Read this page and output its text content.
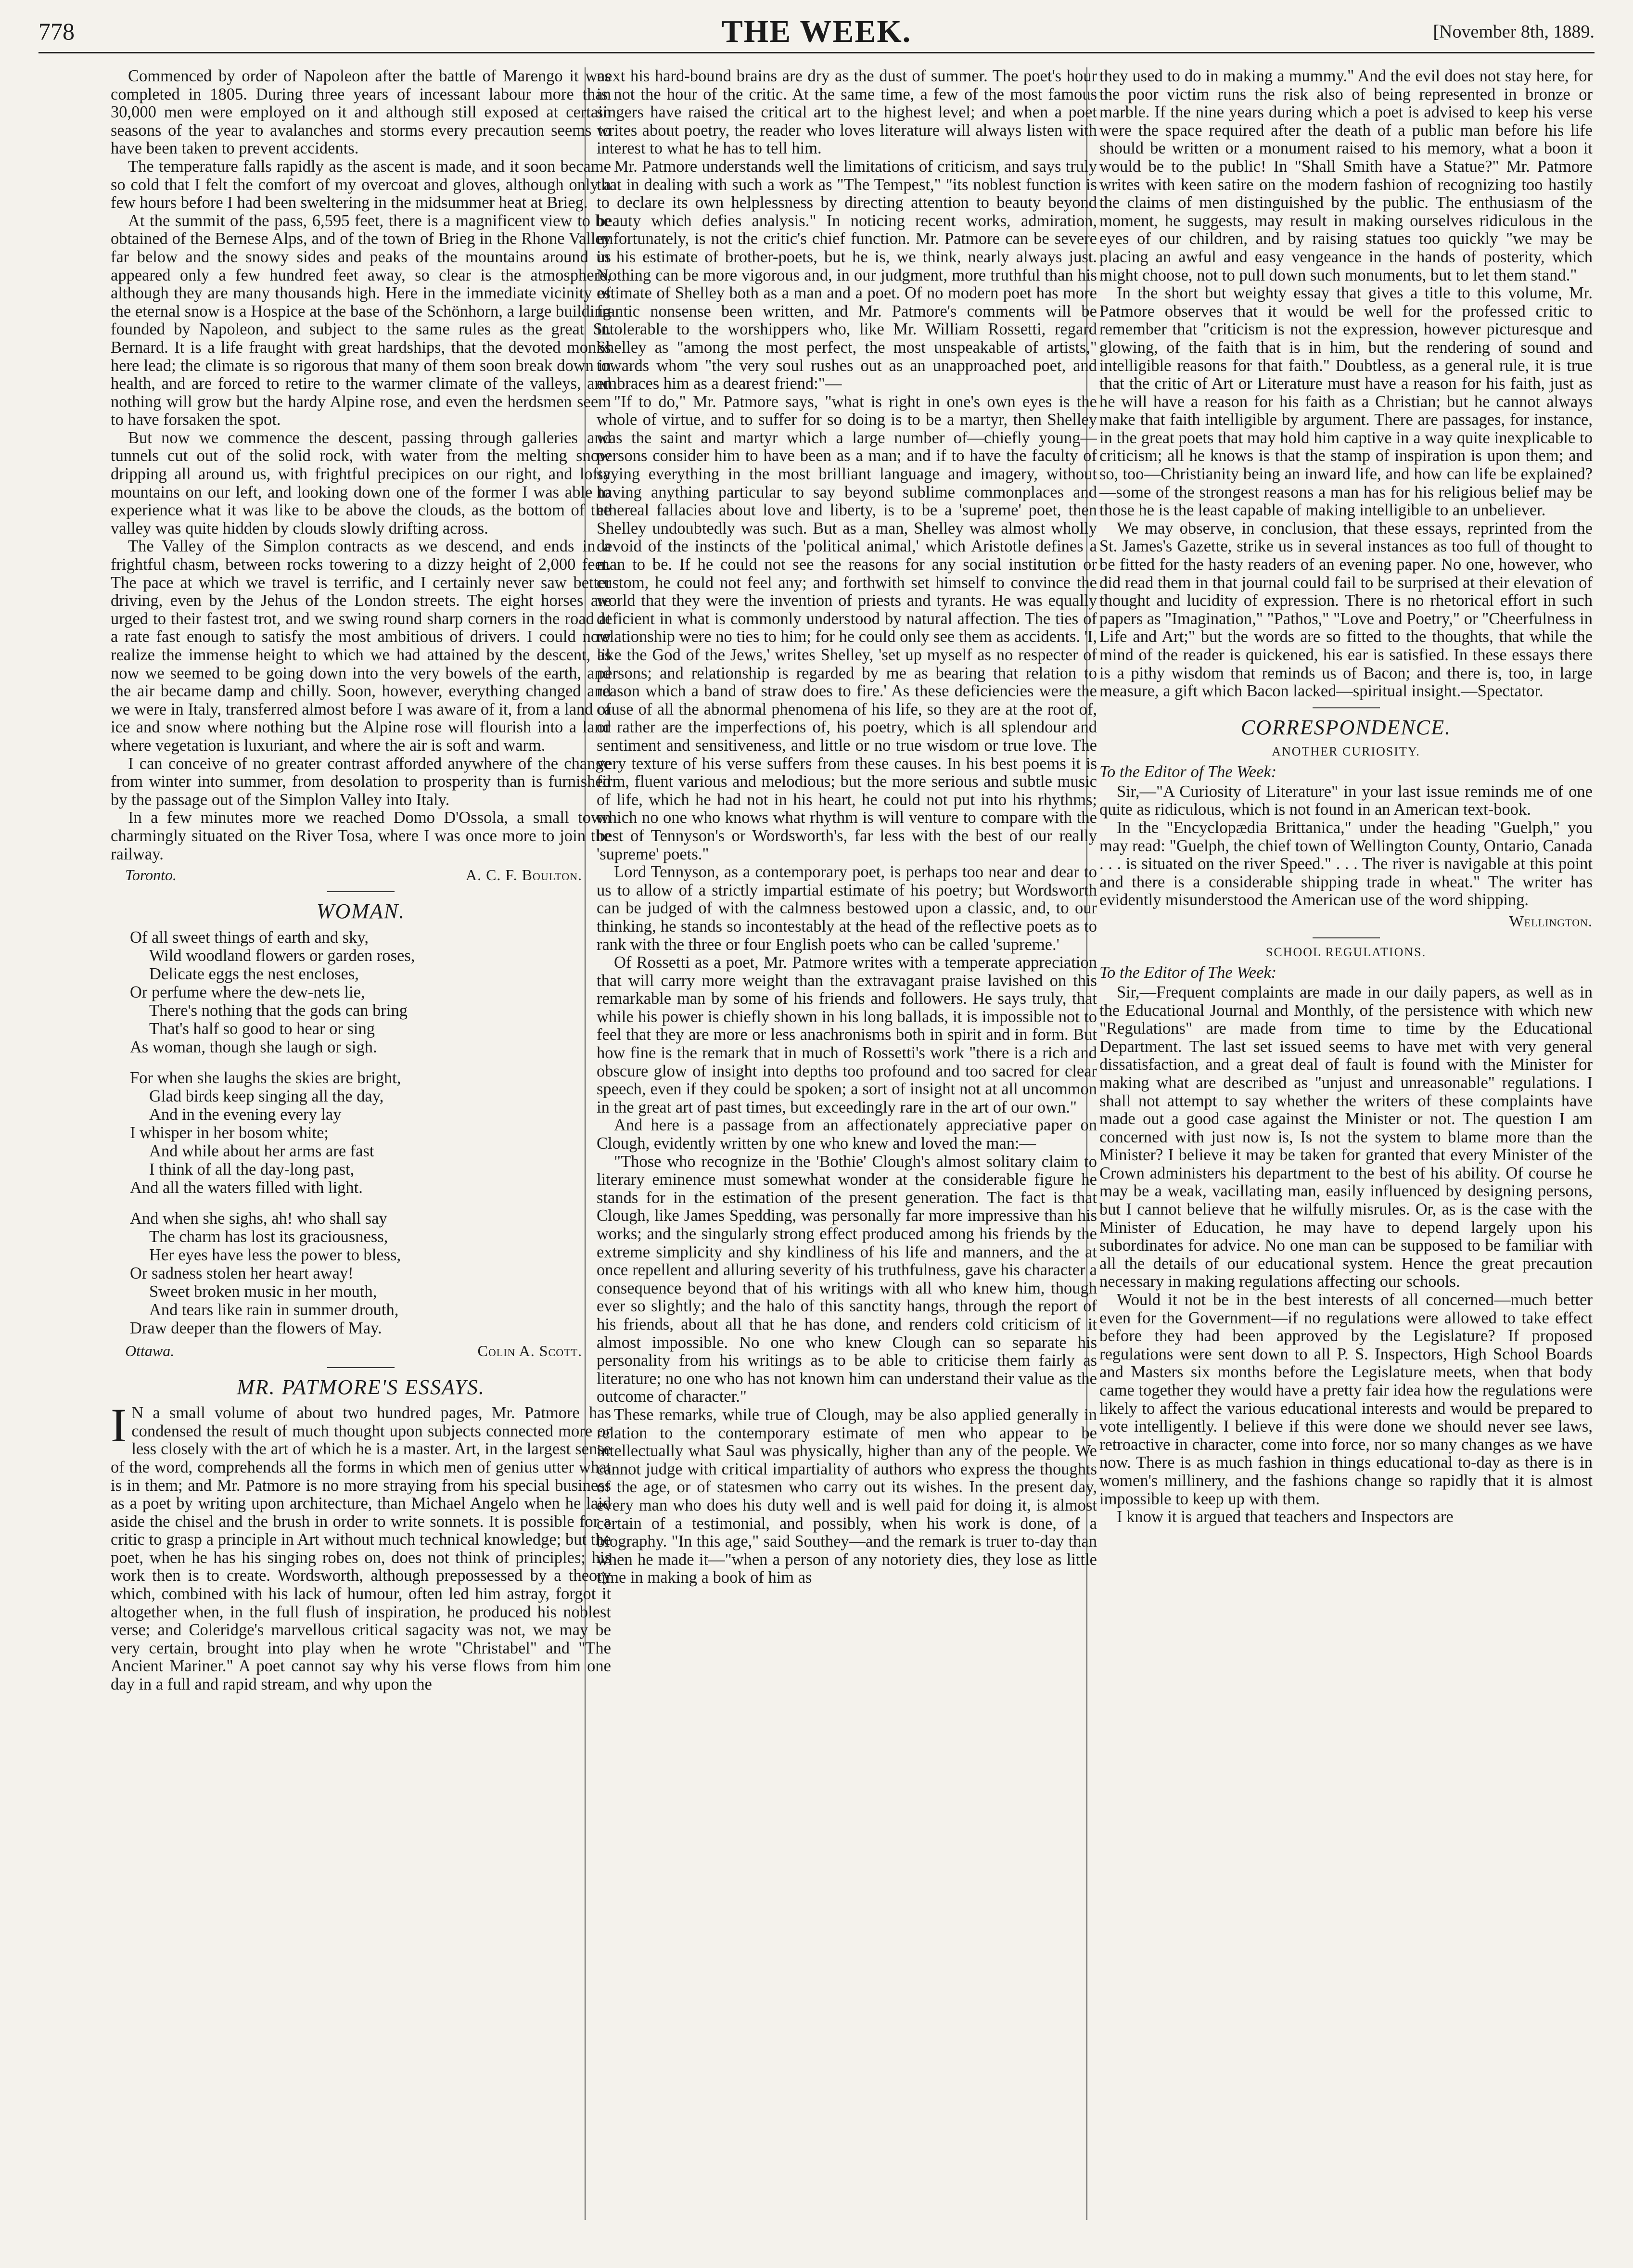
778	THE WEEK.	[November 8th, 1889.

Commenced by order of Napoleon after the battle of Marengo it was completed in 1805. During three years of incessant labour more than 30,000 men were employed on it and although still exposed at certain seasons of the year to avalanches and storms every precaution seems to have been taken to prevent accidents.

The temperature falls rapidly as the ascent is made, and it soon became so cold that I felt the comfort of my overcoat and gloves, although only a few hours before I had been sweltering in the midsummer heat at Brieg.

At the summit of the pass, 6,595 feet, there is a magnificent view to be obtained of the Bernese Alps, and of the town of Brieg in the Rhone Valley far below and the snowy sides and peaks of the mountains around us appeared only a few hundred feet away, so clear is the atmosphere, although they are many thousands high. Here in the immediate vicinity of the eternal snow is a Hospice at the base of the Schönhorn, a large building founded by Napoleon, and subject to the same rules as the great St. Bernard. It is a life fraught with great hardships, that the devoted monks here lead; the climate is so rigorous that many of them soon break down in health, and are forced to retire to the warmer climate of the valleys, and nothing will grow but the hardy Alpine rose, and even the herdsmen seem to have forsaken the spot.

But now we commence the descent, passing through galleries and tunnels cut out of the solid rock, with water from the melting snow dripping all around us, with frightful precipices on our right, and lofty mountains on our left, and looking down one of the former I was able to experience what it was like to be above the clouds, as the bottom of the valley was quite hidden by clouds slowly drifting across.

The Valley of the Simplon contracts as we descend, and ends in a frightful chasm, between rocks towering to a dizzy height of 2,000 feet. The pace at which we travel is terrific, and I certainly never saw better driving, even by the Jehus of the London streets. The eight horses are urged to their fastest trot, and we swing round sharp corners in the road at a rate fast enough to satisfy the most ambitious of drivers. I could now realize the immense height to which we had attained by the descent, as now we seemed to be going down into the very bowels of the earth, and the air became damp and chilly. Soon, however, everything changed and we were in Italy, transferred almost before I was aware of it, from a land of ice and snow where nothing but the Alpine rose will flourish into a land where vegetation is luxuriant, and where the air is soft and warm.

I can conceive of no greater contrast afforded anywhere of the change from winter into summer, from desolation to prosperity than is furnished by the passage out of the Simplon Valley into Italy.

In a few minutes more we reached Domo D'Ossola, a small town charmingly situated on the River Tosa, where I was once more to join the railway.

Toronto.	A. C. F. Boulton.
WOMAN.
Of all sweet things of earth and sky,
Wild woodland flowers or garden roses,
Delicate eggs the nest encloses,
Or perfume where the dew-nets lie,
There's nothing that the gods can bring
That's half so good to hear or sing
As woman, though she laugh or sigh.
For when she laughs the skies are bright,
Glad birds keep singing all the day,
And in the evening every lay
I whisper in her bosom white;
And while about her arms are fast
I think of all the day-long past,
And all the waters filled with light.
And when she sighs, ah! who shall say
The charm has lost its graciousness,
Her eyes have less the power to bless,
Or sadness stolen her heart away!
Sweet broken music in her mouth,
And tears like rain in summer drouth,
Draw deeper than the flowers of May.
Ottawa.	Colin A. Scott.
MR. PATMORE'S ESSAYS.

I N a small volume of about two hundred pages, Mr. Patmore has condensed the result of much thought upon subjects connected more or less closely with the art of which he is a master. Art, in the largest sense of the word, comprehends all the forms in which men of genius utter what is in them; and Mr. Patmore is no more straying from his special business as a poet by writing upon architecture, than Michael Angelo when he laid aside the chisel and the brush in order to write sonnets. It is possible for a critic to grasp a principle in Art without much technical knowledge; but the poet, when he has his singing robes on, does not think of principles; his work then is to create. Wordsworth, although prepossessed by a theory which, combined with his lack of humour, often led him astray, forgot it altogether when, in the full flush of inspiration, he produced his noblest verse; and Coleridge's marvellous critical sagacity was not, we may be very certain, brought into play when he wrote "Christabel" and "The Ancient Mariner." A poet cannot say why his verse flows from him one day in a full and rapid stream, and why upon the

next his hard-bound brains are dry as the dust of summer. The poet's hour is not the hour of the critic. At the same time, a few of the most famous singers have raised the critical art to the highest level; and when a poet writes about poetry, the reader who loves literature will always listen with interest to what he has to tell him.

Mr. Patmore understands well the limitations of criticism, and says truly that in dealing with such a work as "The Tempest," "its noblest function is to declare its own helplessness by directing attention to beauty beyond beauty which defies analysis." In noticing recent works, admiration, unfortunately, is not the critic's chief function. Mr. Patmore can be severe in his estimate of brother-poets, but he is, we think, nearly always just. Nothing can be more vigorous and, in our judgment, more truthful than his estimate of Shelley both as a man and a poet. Of no modern poet has more frantic nonsense been written, and Mr. Patmore's comments will be intolerable to the worshippers who, like Mr. William Rossetti, regard Shelley as "among the most perfect, the most unspeakable of artists," towards whom "the very soul rushes out as an unapproached poet, and embraces him as a dearest friend:"—

"If to do," Mr. Patmore says, "what is right in one's own eyes is the whole of virtue, and to suffer for so doing is to be a martyr, then Shelley was the saint and martyr which a large number of—chiefly young—persons consider him to have been as a man; and if to have the faculty of saying everything in the most brilliant language and imagery, without having anything particular to say beyond sublime commonplaces and ethereal fallacies about love and liberty, is to be a 'supreme' poet, then Shelley undoubtedly was such. But as a man, Shelley was almost wholly devoid of the instincts of the 'political animal,' which Aristotle defines a man to be. If he could not see the reasons for any social institution or custom, he could not feel any; and forthwith set himself to convince the world that they were the invention of priests and tyrants. He was equally deficient in what is commonly understood by natural affection. The ties of relationship were no ties to him; for he could only see them as accidents. 'I, like the God of the Jews,' writes Shelley, 'set up myself as no respecter of persons; and relationship is regarded by me as bearing that relation to reason which a band of straw does to fire.' As these deficiencies were the cause of all the abnormal phenomena of his life, so they are at the root of, or rather are the imperfections of, his poetry, which is all splendour and sentiment and sensitiveness, and little or no true wisdom or true love. The very texture of his verse suffers from these causes. In his best poems it is firm, fluent various and melodious; but the more serious and subtle music of life, which he had not in his heart, he could not put into his rhythms; which no one who knows what rhythm is will venture to compare with the best of Tennyson's or Wordsworth's, far less with the best of our really 'supreme' poets."

Lord Tennyson, as a contemporary poet, is perhaps too near and dear to us to allow of a strictly impartial estimate of his poetry; but Wordsworth can be judged of with the calmness bestowed upon a classic, and, to our thinking, he stands so incontestably at the head of the reflective poets as to rank with the three or four English poets who can be called 'supreme.'

Of Rossetti as a poet, Mr. Patmore writes with a temperate appreciation that will carry more weight than the extravagant praise lavished on this remarkable man by some of his friends and followers. He says truly, that while his power is chiefly shown in his long ballads, it is impossible not to feel that they are more or less anachronisms both in spirit and in form. But how fine is the remark that in much of Rossetti's work "there is a rich and obscure glow of insight into depths too profound and too sacred for clear speech, even if they could be spoken; a sort of insight not at all uncommon in the great art of past times, but exceedingly rare in the art of our own."

And here is a passage from an affectionately appreciative paper on Clough, evidently written by one who knew and loved the man:—

"Those who recognize in the 'Bothie' Clough's almost solitary claim to literary eminence must somewhat wonder at the considerable figure he stands for in the estimation of the present generation. The fact is that Clough, like James Spedding, was personally far more impressive than his works; and the singularly strong effect produced among his friends by the extreme simplicity and shy kindliness of his life and manners, and the at once repellent and alluring severity of his truthfulness, gave his character a consequence beyond that of his writings with all who knew him, though ever so slightly; and the halo of this sanctity hangs, through the report of his friends, about all that he has done, and renders cold criticism of it almost impossible. No one who knew Clough can so separate his personality from his writings as to be able to criticise them fairly as literature; no one who has not known him can understand their value as the outcome of character."

These remarks, while true of Clough, may be also applied generally in relation to the contemporary estimate of men who appear to be intellectually what Saul was physically, higher than any of the people. We cannot judge with critical impartiality of authors who express the thoughts of the age, or of statesmen who carry out its wishes. In the present day, every man who does his duty well and is well paid for doing it, is almost certain of a testimonial, and possibly, when his work is done, of a biography. "In this age," said Southey—and the remark is truer to-day than when he made it—"when a person of any notoriety dies, they lose as little time in making a book of him as

they used to do in making a mummy." And the evil does not stay here, for the poor victim runs the risk also of being represented in bronze or marble. If the nine years during which a poet is advised to keep his verse were the space required after the death of a public man before his life should be written or a monument raised to his memory, what a boon it would be to the public! In "Shall Smith have a Statue?" Mr. Patmore writes with keen satire on the modern fashion of recognizing too hastily the claims of men distinguished by the public. The enthusiasm of the moment, he suggests, may result in making ourselves ridiculous in the eyes of our children, and by raising statues too quickly "we may be placing an awful and easy vengeance in the hands of posterity, which might choose, not to pull down such monuments, but to let them stand."

In the short but weighty essay that gives a title to this volume, Mr. Patmore observes that it would be well for the professed critic to remember that "criticism is not the expression, however picturesque and glowing, of the faith that is in him, but the rendering of sound and intelligible reasons for that faith." Doubtless, as a general rule, it is true that the critic of Art or Literature must have a reason for his faith, just as he will have a reason for his faith as a Christian; but he cannot always make that faith intelligible by argument. There are passages, for instance, in the great poets that may hold him captive in a way quite inexplicable to criticism; all he knows is that the stamp of inspiration is upon them; and so, too—Christianity being an inward life, and how can life be explained?—some of the strongest reasons a man has for his religious belief may be those he is the least capable of making intelligible to an unbeliever.

We may observe, in conclusion, that these essays, reprinted from the St. James's Gazette, strike us in several instances as too full of thought to be fitted for the hasty readers of an evening paper. No one, however, who did read them in that journal could fail to be surprised at their elevation of thought and lucidity of expression. There is no rhetorical effort in such papers as "Imagination," "Pathos," "Love and Poetry," or "Cheerfulness in Life and Art;" but the words are so fitted to the thoughts, that while the mind of the reader is quickened, his ear is satisfied. In these essays there is a pithy wisdom that reminds us of Bacon; and there is, too, in large measure, a gift which Bacon lacked—spiritual insight.—Spectator.

CORRESPONDENCE.
ANOTHER CURIOSITY.
To the Editor of The Week:

Sir,—"A Curiosity of Literature" in your last issue reminds me of one quite as ridiculous, which is not found in an American text-book.

In the "Encyclopædia Brittanica," under the heading "Guelph," you may read: "Guelph, the chief town of Wellington County, Ontario, Canada . . . is situated on the river Speed." . . . The river is navigable at this point and there is a considerable shipping trade in wheat." The writer has evidently misunderstood the American use of the word shipping.

Wellington.
SCHOOL REGULATIONS.
To the Editor of The Week:

Sir,—Frequent complaints are made in our daily papers, as well as in the Educational Journal and Monthly, of the persistence with which new "Regulations" are made from time to time by the Educational Department. The last set issued seems to have met with very general dissatisfaction, and a great deal of fault is found with the Minister for making what are described as "unjust and unreasonable" regulations. I shall not attempt to say whether the writers of these complaints have made out a good case against the Minister or not. The question I am concerned with just now is, Is not the system to blame more than the Minister? I believe it may be taken for granted that every Minister of the Crown administers his department to the best of his ability. Of course he may be a weak, vacillating man, easily influenced by designing persons, but I cannot believe that he wilfully misrules. Or, as is the case with the Minister of Education, he may have to depend largely upon his subordinates for advice. No one man can be supposed to be familiar with all the details of our educational system. Hence the great precaution necessary in making regulations affecting our schools.

Would it not be in the best interests of all concerned—much better even for the Government—if no regulations were allowed to take effect before they had been approved by the Legislature? If proposed regulations were sent down to all P. S. Inspectors, High School Boards and Masters six months before the Legislature meets, when that body came together they would have a pretty fair idea how the regulations were likely to affect the various educational interests and would be prepared to vote intelligently. I believe if this were done we should never see laws, retroactive in character, come into force, nor so many changes as we have now. There is as much fashion in things educational to-day as there is in women's millinery, and the fashions change so rapidly that it is almost impossible to keep up with them.

I know it is argued that teachers and Inspectors are
